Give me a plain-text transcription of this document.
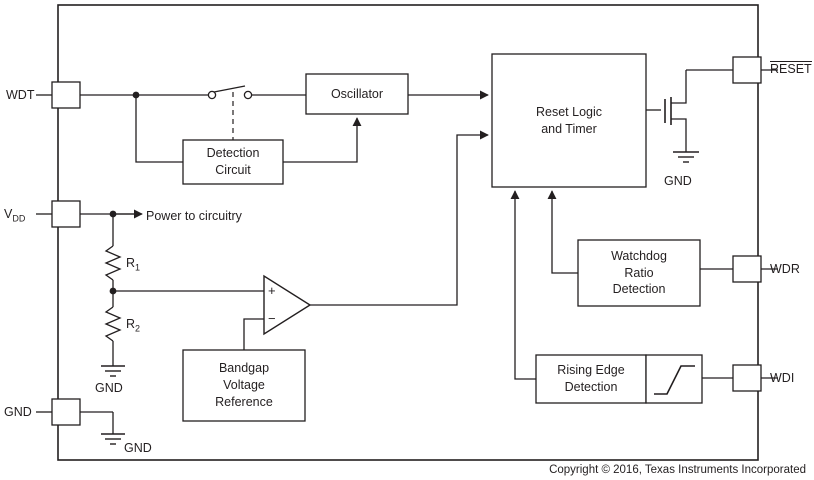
WDT
$V_{DD}$
GND
RESET
WDR
WDI
Oscillator
Detection
Circuit
Reset Logic
and Timer
Watchdog
Ratio
Detection
Bandgap
Voltage
Reference
Rising Edge
Detection
Power to circuitry
$R_1$
$R_2$
GND
GND
GND
+
−
Copyright © 2016, Texas Instruments Incorporated
